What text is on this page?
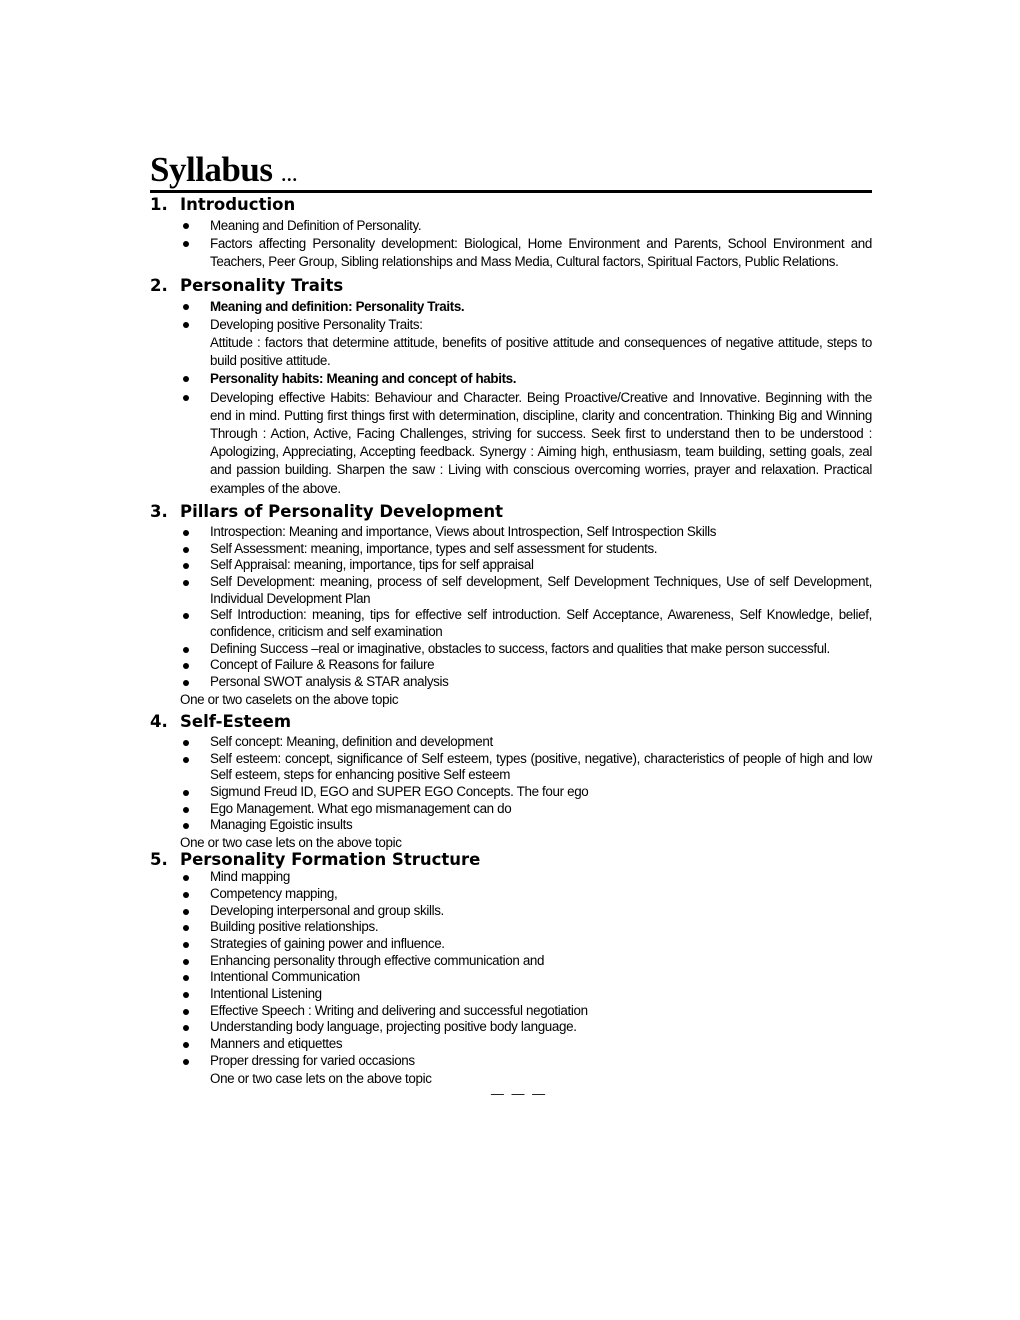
Syllabus ...
1. Introduction
Meaning and Definition of Personality.
Factors affecting Personality development: Biological, Home Environment and Parents, School Environment and Teachers, Peer Group, Sibling relationships and Mass Media, Cultural factors, Spiritual Factors, Public Relations.
2. Personality Traits
Meaning and definition: Personality Traits.
Developing positive Personality Traits:
Attitude : factors that determine attitude, benefits of positive attitude and consequences of negative attitude, steps to build positive attitude.
Personality habits: Meaning and concept of habits.
Developing effective Habits: Behaviour and Character. Being Proactive/Creative and Innovative. Beginning with the end in mind. Putting first things first with determination, discipline, clarity and concentration. Thinking Big and Winning Through : Action, Active, Facing Challenges, striving for success. Seek first to understand then to be understood : Apologizing, Appreciating, Accepting feedback. Synergy : Aiming high, enthusiasm, team building, setting goals, zeal and passion building. Sharpen the saw : Living with conscious overcoming worries, prayer and relaxation. Practical examples of the above.
3. Pillars of Personality Development
Introspection: Meaning and importance, Views about Introspection, Self Introspection Skills
Self Assessment: meaning, importance, types and self assessment for students.
Self Appraisal: meaning, importance, tips for self appraisal
Self Development: meaning, process of self development, Self Development Techniques, Use of self Development, Individual Development Plan
Self Introduction: meaning, tips for effective self introduction. Self Acceptance, Awareness, Self Knowledge, belief, confidence, criticism and self examination
Defining Success –real or imaginative, obstacles to success, factors and qualities that make person successful.
Concept of Failure & Reasons for failure
Personal SWOT analysis & STAR analysis
One or two caselets on the above topic
4. Self-Esteem
Self concept: Meaning, definition and development
Self esteem: concept, significance of Self esteem, types (positive, negative), characteristics of people of high and low Self esteem, steps for enhancing positive Self esteem
Sigmund Freud ID, EGO and SUPER EGO Concepts. The four ego
Ego Management. What ego mismanagement can do
Managing Egoistic insults
One or two case lets on the above topic
5. Personality Formation Structure
Mind mapping
Competency mapping,
Developing interpersonal and group skills.
Building positive relationships.
Strategies of gaining power and influence.
Enhancing personality through effective communication and
Intentional Communication
Intentional Listening
Effective Speech : Writing and delivering and successful negotiation
Understanding body language, projecting positive body language.
Manners and etiquettes
Proper dressing for varied occasions
One or two case lets on the above topic
— — —
